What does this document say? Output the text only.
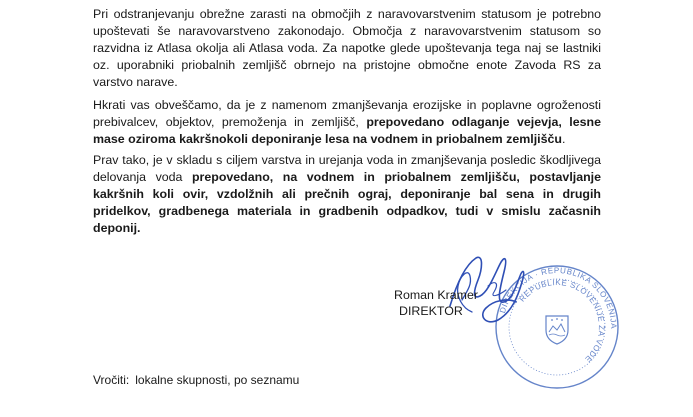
Pri odstranjevanju obrežne zarasti na območjih z naravovarstvenim statusom je potrebno upoštevati še naravovarstveno zakonodajo. Območja z naravovarstvenim statusom so razvidna iz Atlasa okolja ali Atlasa voda. Za napotke glede upoštevanja tega naj se lastniki oz. uporabniki priobalnih zemljišč obrnejo na pristojne območne enote Zavoda RS za varstvo narave.

Hkrati vas obveščamo, da je z namenom zmanjševanja erozijske in poplavne ogroženosti prebivalcev, objektov, premoženja in zemljišč, prepovedano odlaganje vejevja, lesne mase oziroma kakršnokoli deponiranje lesa na vodnem in priobalnem zemljišču.

Prav tako, je v skladu s ciljem varstva in urejanja voda in zmanjševanja posledic škodljivega delovanja voda prepovedano, na vodnem in priobalnem zemljišču, postavljanje kakršnih koli ovir, vzdolžnih ali prečnih ograj, deponiranje bal sena in drugih pridelkov, gradbenega materiala in gradbenih odpadkov, tudi v smislu začasnih deponij.

DIREKCIJA · REPUBLIKA SLOVENIJA
REPUBLIKE SLOVENIJE ZA VODE
Roman Kramer
DIREKTOR
Vročiti: lokalne skupnosti, po seznamu
